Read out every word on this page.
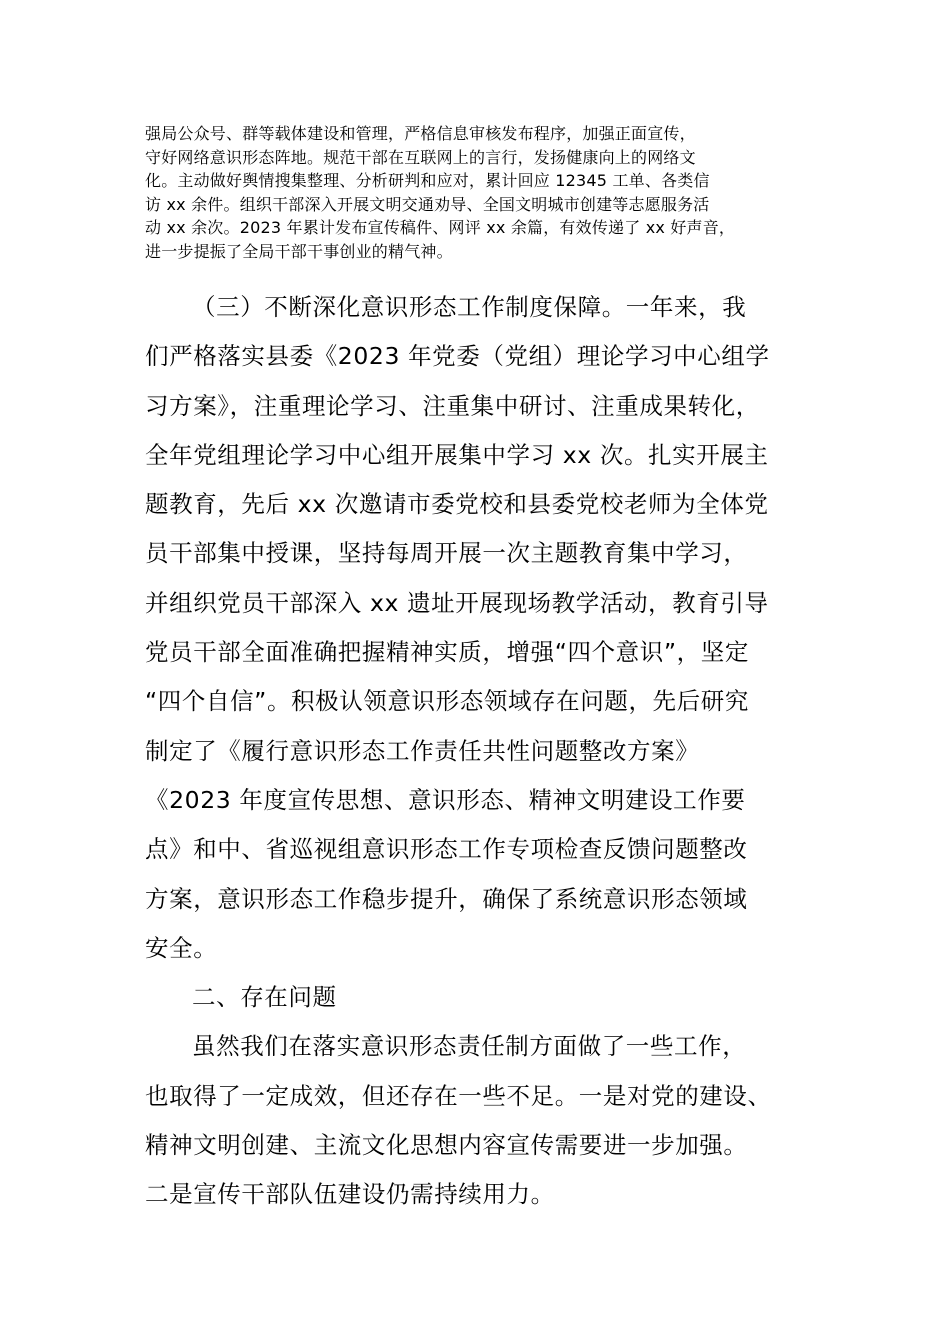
强局公众号、群等载体建设和管理，严格信息审核发布程序，加强正面宣传，
守好网络意识形态阵地。规范干部在互联网上的言行，发扬健康向上的网络文
化。主动做好舆情搜集整理、分析研判和应对，累计回应 12345 工单、各类信
访 xx 余件。组织干部深入开展文明交通劝导、全国文明城市创建等志愿服务活
动 xx 余次。2023 年累计发布宣传稿件、网评 xx 余篇，有效传递了 xx 好声音，
进一步提振了全局干部干事创业的精气神。
（三）不断深化意识形态工作制度保障。一年来，我
们严格落实县委《2023 年党委（党组）理论学习中心组学
习方案》，注重理论学习、注重集中研讨、注重成果转化，
全年党组理论学习中心组开展集中学习 xx 次。扎实开展主
题教育，先后 xx 次邀请市委党校和县委党校老师为全体党
员干部集中授课，坚持每周开展一次主题教育集中学习，
并组织党员干部深入 xx 遗址开展现场教学活动，教育引导
党员干部全面准确把握精神实质，增强“四个意识”，坚定
“四个自信”。积极认领意识形态领域存在问题，先后研究
制定了《履行意识形态工作责任共性问题整改方案》
《2023 年度宣传思想、意识形态、精神文明建设工作要
点》和中、省巡视组意识形态工作专项检查反馈问题整改
方案，意识形态工作稳步提升，确保了系统意识形态领域
安全。
二、存在问题
虽然我们在落实意识形态责任制方面做了一些工作，
也取得了一定成效，但还存在一些不足。一是对党的建设、
精神文明创建、主流文化思想内容宣传需要进一步加强。
二是宣传干部队伍建设仍需持续用力。
